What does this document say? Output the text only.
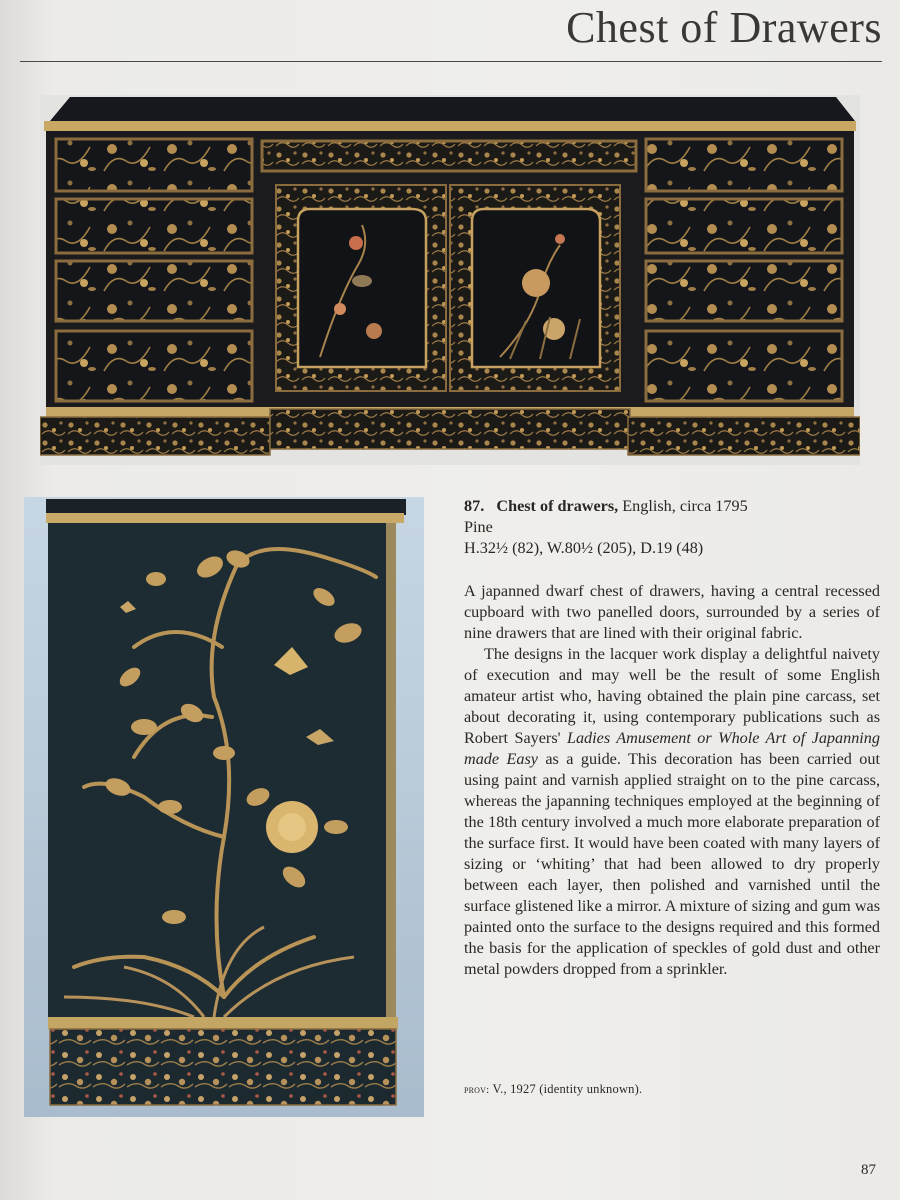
Chest of Drawers
87. Chest of drawers, English, circa 1795
Pine
H.32½ (82), W.80½ (205), D.19 (48)

A japanned dwarf chest of drawers, having a central recessed cupboard with two panelled doors, surrounded by a series of nine drawers that are lined with their original fabric.

The designs in the lacquer work display a delightful naivety of execution and may well be the result of some English amateur artist who, having obtained the plain pine carcass, set about decorating it, using contemporary publications such as Robert Sayers' Ladies Amusement or Whole Art of Japanning made Easy as a guide. This decoration has been carried out using paint and varnish applied straight on to the pine carcass, whereas the japanning techniques employed at the beginning of the 18th century involved a much more elaborate preparation of the surface first. It would have been coated with many layers of sizing or ‘whiting’ that had been allowed to dry properly between each layer, then polished and varnished until the surface glistened like a mirror. A mixture of sizing and gum was painted onto the surface to the designs required and this formed the basis for the application of speckles of gold dust and other metal powders dropped from a sprinkler.

prov: V., 1927 (identity unknown).
87
